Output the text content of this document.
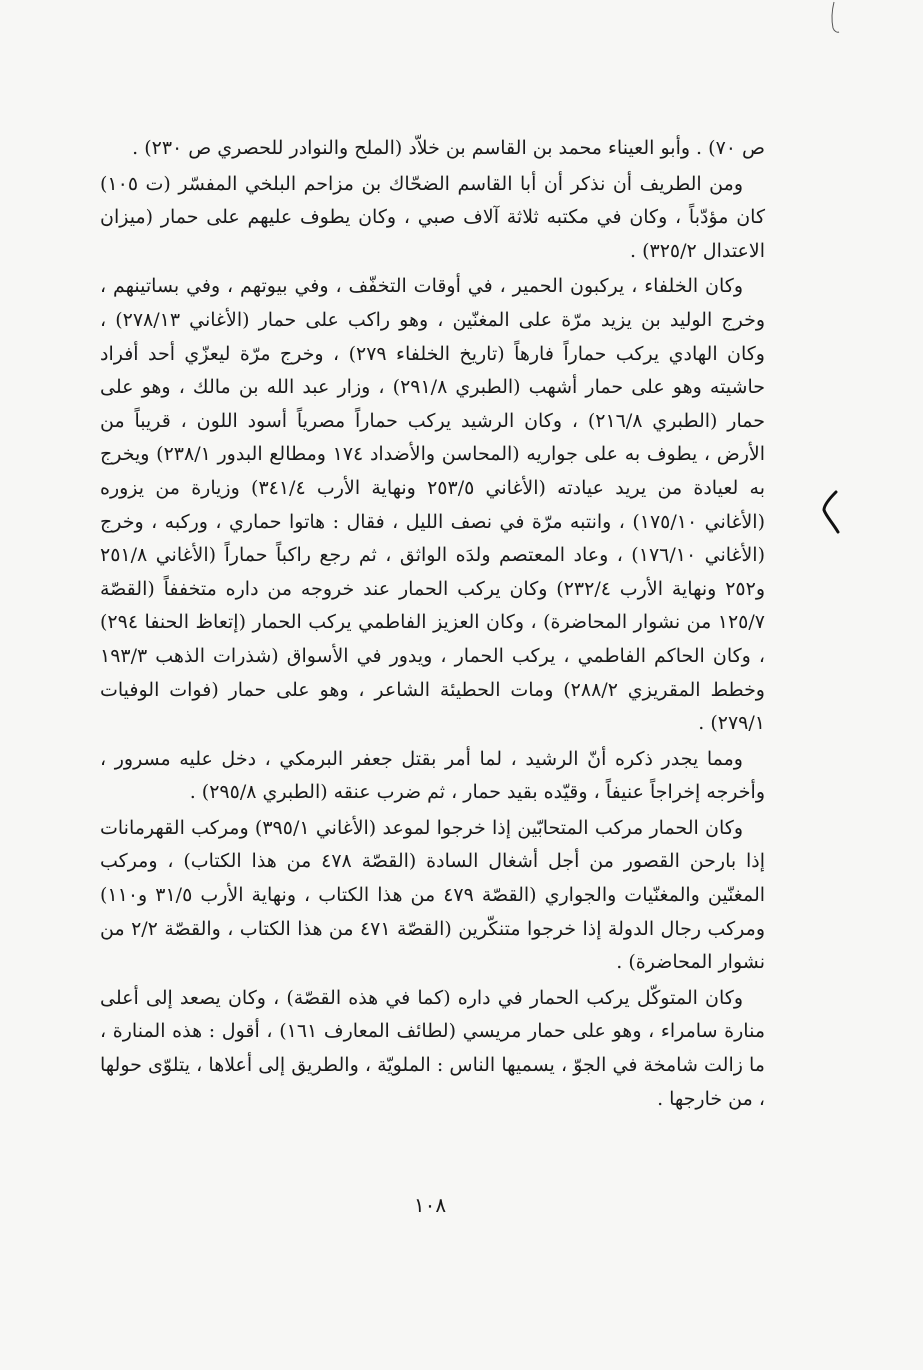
ص ٧٠) . وأبو العيناء محمد بن القاسم بن خلاّد (الملح والنوادر للحصري ص ٢٣٠) .

ومن الطريف أن نذكر أن أبا القاسم الضحّاك بن مزاحم البلخي المفسّر (ت ١٠٥) كان مؤدّباً ، وكان في مكتبه ثلاثة آلاف صبي ، وكان يطوف عليهم على حمار (ميزان الاعتدال ٣٢٥/٢) .

وكان الخلفاء ، يركبون الحمير ، في أوقات التخفّف ، وفي بيوتهم ، وفي بساتينهم ، وخرج الوليد بن يزيد مرّة على المغنّين ، وهو راكب على حمار (الأغاني ٢٧٨/١٣) ، وكان الهادي يركب حماراً فارهاً (تاريخ الخلفاء ٢٧٩) ، وخرج مرّة ليعزّي أحد أفراد حاشيته وهو على حمار أشهب (الطبري ٢٩١/٨) ، وزار عبد الله بن مالك ، وهو على حمار (الطبري ٢١٦/٨) ، وكان الرشيد يركب حماراً مصرياً أسود اللون ، قريباً من الأرض ، يطوف به على جواريه (المحاسن والأضداد ١٧٤ ومطالع البدور ٢٣٨/١) ويخرج به لعيادة من يريد عيادته (الأغاني ٢٥٣/٥ ونهاية الأرب ٣٤١/٤) وزيارة من يزوره (الأغاني ١٧٥/١٠) ، وانتبه مرّة في نصف الليل ، فقال : هاتوا حماري ، وركبه ، وخرج (الأغاني ١٧٦/١٠) ، وعاد المعتصم ولدَه الواثق ، ثم رجع راكباً حماراً (الأغاني ٢٥١/٨ و٢٥٢ ونهاية الأرب ٢٣٢/٤) وكان يركب الحمار عند خروجه من داره متخففاً (القصّة ١٢٥/٧ من نشوار المحاضرة) ، وكان العزيز الفاطمي يركب الحمار (إتعاظ الحنفا ٢٩٤) ، وكان الحاكم الفاطمي ، يركب الحمار ، ويدور في الأسواق (شذرات الذهب ١٩٣/٣ وخطط المقريزي ٢٨٨/٢) ومات الحطيئة الشاعر ، وهو على حمار (فوات الوفيات ٢٧٩/١) .

ومما يجدر ذكره أنّ الرشيد ، لما أمر بقتل جعفر البرمكي ، دخل عليه مسرور ، وأخرجه إخراجاً عنيفاً ، وقيّده بقيد حمار ، ثم ضرب عنقه (الطبري ٢٩٥/٨) .

وكان الحمار مركب المتحابّين إذا خرجوا لموعد (الأغاني ٣٩٥/١) ومركب القهرمانات إذا بارحن القصور من أجل أشغال السادة (القصّة ٤٧٨ من هذا الكتاب) ، ومركب المغنّين والمغنّيات والجواري (القصّة ٤٧٩ من هذا الكتاب ، ونهاية الأرب ٣١/٥ و١١٠) ومركب رجال الدولة إذا خرجوا متنكّرين (القصّة ٤٧١ من هذا الكتاب ، والقصّة ٢/٢ من نشوار المحاضرة) .

وكان المتوكّل يركب الحمار في داره (كما في هذه القصّة) ، وكان يصعد إلى أعلى منارة سامراء ، وهو على حمار مريسي (لطائف المعارف ١٦١) ، أقول : هذه المنارة ، ما زالت شامخة في الجوّ ، يسميها الناس : الملويّة ، والطريق إلى أعلاها ، يتلوّى حولها ، من خارجها .

١٠٨
